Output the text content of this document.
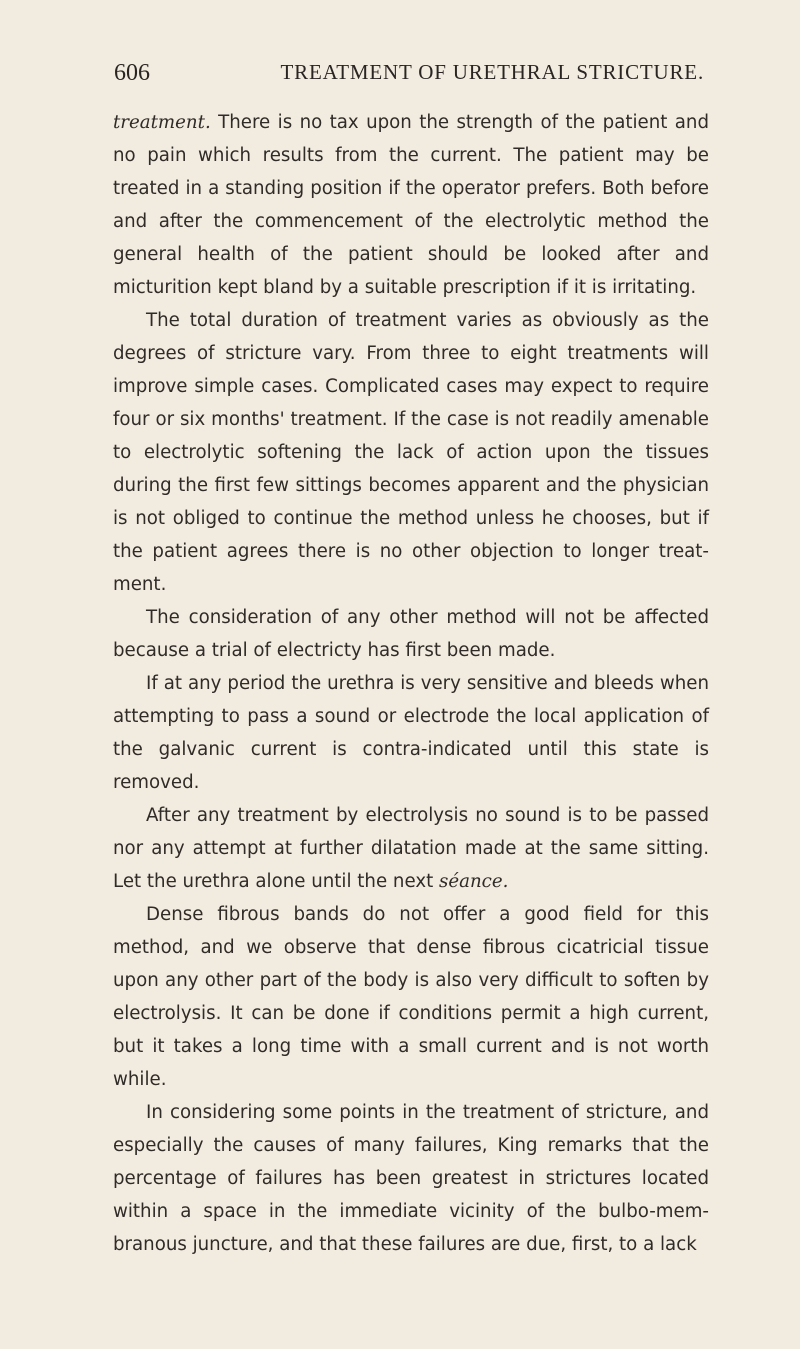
606	TREATMENT OF URETHRAL STRICTURE.

treatment. There is no tax upon the strength of the patient and no pain which results from the current. The patient may be treated in a standing position if the operator prefers. Both before and after the commencement of the electrolytic method the general health of the patient should be looked after and micturition kept bland by a suitable prescription if it is irritating.

The total duration of treatment varies as obviously as the degrees of stricture vary. From three to eight treatments will improve simple cases. Complicated cases may expect to require four or six months' treatment. If the case is not readily amenable to electrolytic softening the lack of action upon the tissues during the first few sittings becomes apparent and the physician is not obliged to continue the method unless he chooses, but if the patient agrees there is no other objection to longer treatment.

The consideration of any other method will not be affected because a trial of electricty has first been made.

If at any period the urethra is very sensitive and bleeds when attempting to pass a sound or electrode the local application of the galvanic current is contra-indicated until this state is removed.

After any treatment by electrolysis no sound is to be passed nor any attempt at further dilatation made at the same sitting. Let the urethra alone until the next séance.

Dense fibrous bands do not offer a good field for this method, and we observe that dense fibrous cicatricial tissue upon any other part of the body is also very difficult to soften by electrolysis. It can be done if conditions permit a high current, but it takes a long time with a small current and is not worth while.

In considering some points in the treatment of stricture, and especially the causes of many failures, King remarks that the percentage of failures has been greatest in strictures located within a space in the immediate vicinity of the bulbo-membranous juncture, and that these failures are due, first, to a lack
